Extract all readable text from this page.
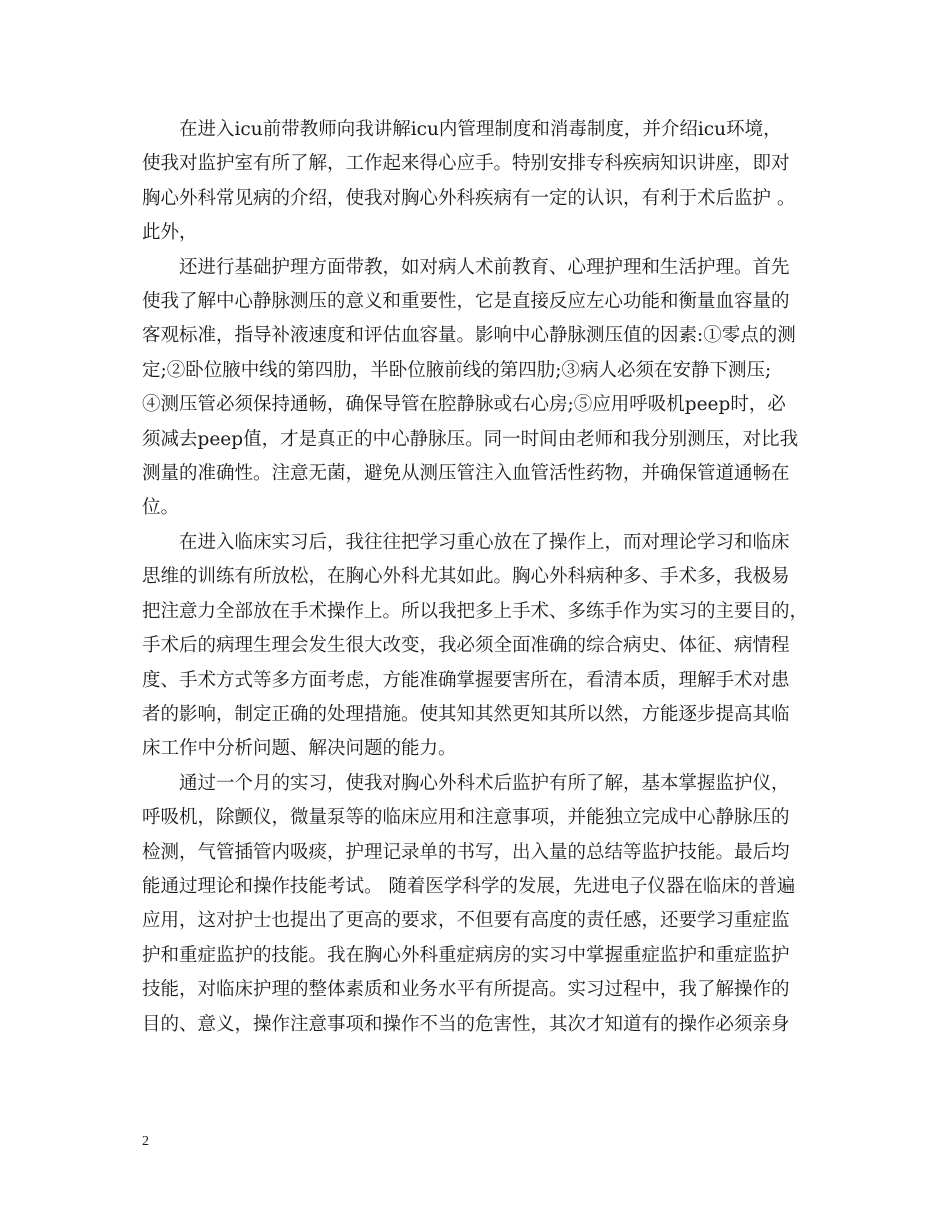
在进入icu前带教师向我讲解icu内管理制度和消毒制度，并介绍icu环境，
使我对监护室有所了解，工作起来得心应手。特别安排专科疾病知识讲座，即对
胸心外科常见病的介绍，使我对胸心外科疾病有一定的认识，有利于术后监护 。
此外，

还进行基础护理方面带教，如对病人术前教育、心理护理和生活护理。首先
使我了解中心静脉测压的意义和重要性，它是直接反应左心功能和衡量血容量的
客观标准，指导补液速度和评估血容量。影响中心静脉测压值的因素:①零点的测
定;②卧位腋中线的第四肋，半卧位腋前线的第四肋;③病人必须在安静下测压;
④测压管必须保持通畅，确保导管在腔静脉或右心房;⑤应用呼吸机peep时，必
须减去peep值，才是真正的中心静脉压。同一时间由老师和我分别测压，对比我
测量的准确性。注意无菌，避免从测压管注入血管活性药物，并确保管道通畅在
位。

在进入临床实习后，我往往把学习重心放在了操作上，而对理论学习和临床
思维的训练有所放松，在胸心外科尤其如此。胸心外科病种多、手术多，我极易
把注意力全部放在手术操作上。所以我把多上手术、多练手作为实习的主要目的，
手术后的病理生理会发生很大改变，我必须全面准确的综合病史、体征、病情程
度、手术方式等多方面考虑，方能准确掌握要害所在，看清本质，理解手术对患
者的影响，制定正确的处理措施。使其知其然更知其所以然，方能逐步提高其临
床工作中分析问题、解决问题的能力。

通过一个月的实习，使我对胸心外科术后监护有所了解，基本掌握监护仪，
呼吸机，除颤仪，微量泵等的临床应用和注意事项，并能独立完成中心静脉压的
检测，气管插管内吸痰，护理记录单的书写，出入量的总结等监护技能。最后均
能通过理论和操作技能考试。 随着医学科学的发展，先进电子仪器在临床的普遍
应用，这对护士也提出了更高的要求，不但要有高度的责任感，还要学习重症监
护和重症监护的技能。我在胸心外科重症病房的实习中掌握重症监护和重症监护
技能，对临床护理的整体素质和业务水平有所提高。实习过程中，我了解操作的
目的、意义，操作注意事项和操作不当的危害性，其次才知道有的操作必须亲身

2
